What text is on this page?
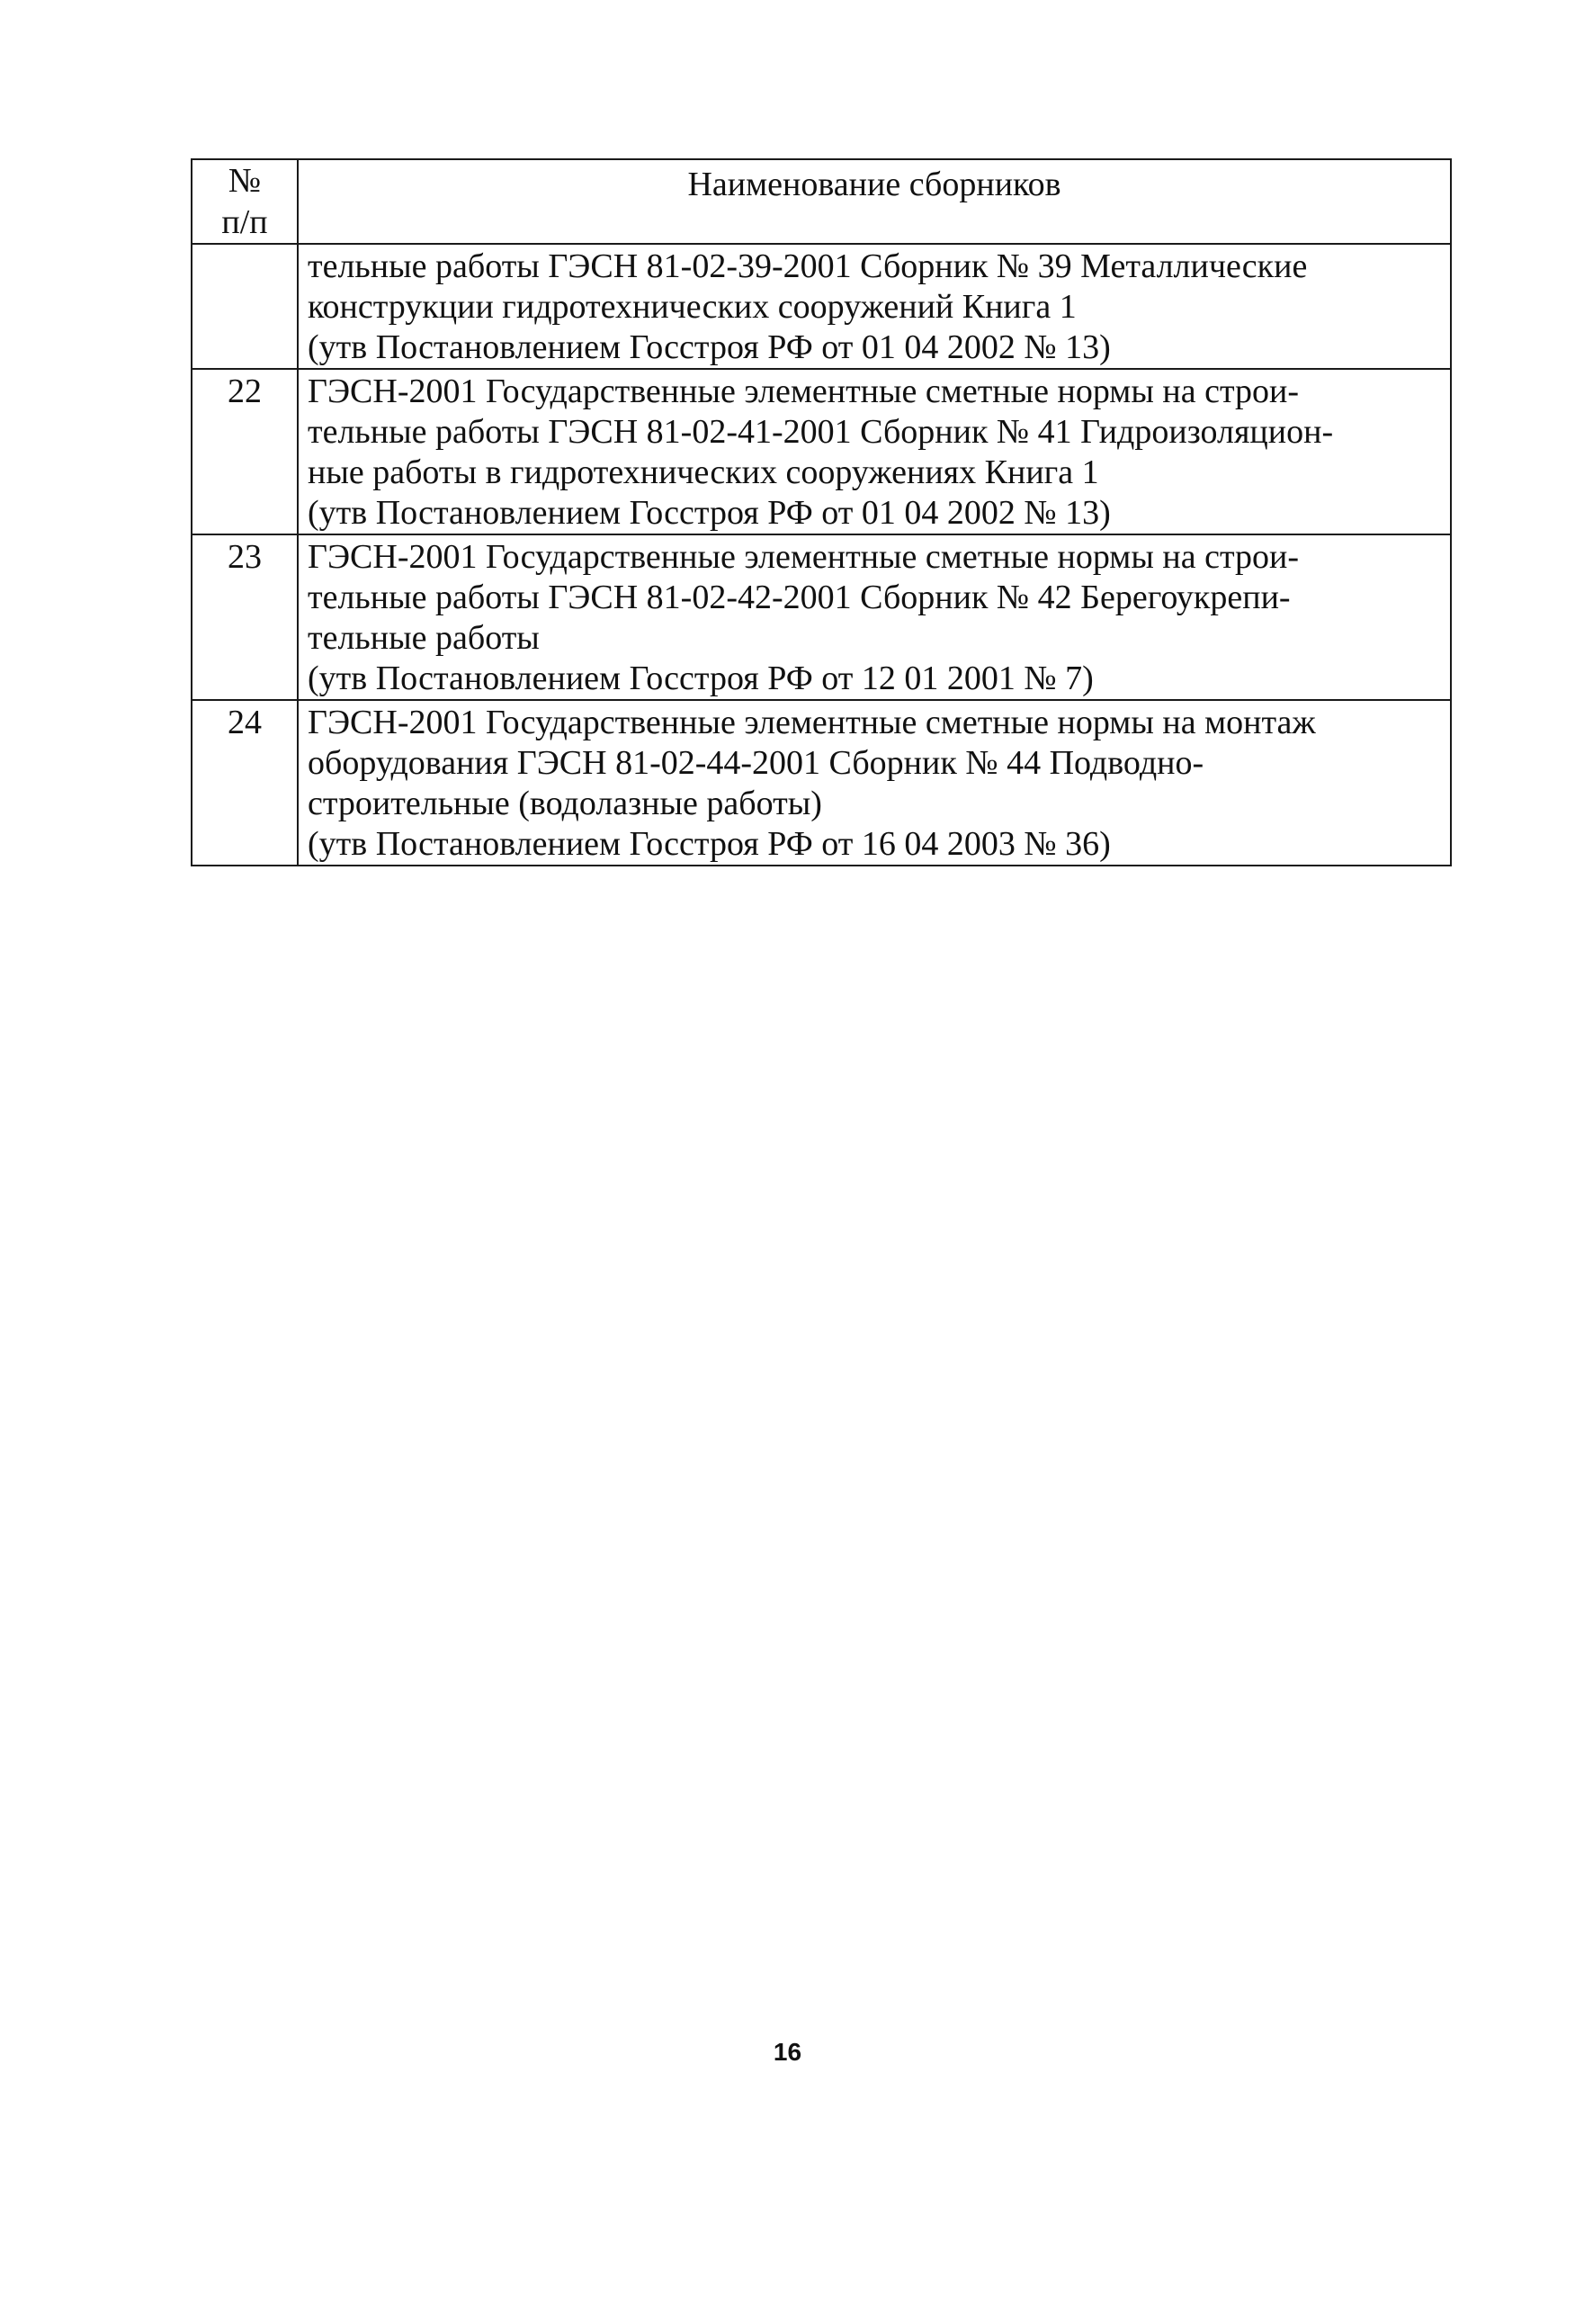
№
п/п	Наименование сборников

	тельные работы ГЭСН 81-02-39-2001 Сборник № 39 Металлические
конструкции гидротехнических сооружений Книга 1
(утв Постановлением Госстроя РФ от 01 04 2002 № 13)

22	ГЭСН-2001 Государственные элементные сметные нормы на строи-
тельные работы ГЭСН 81-02-41-2001 Сборник № 41 Гидроизоляцион-
ные работы в гидротехнических сооружениях Книга 1
(утв Постановлением Госстроя РФ от 01 04 2002 № 13)

23	ГЭСН-2001 Государственные элементные сметные нормы на строи-
тельные работы ГЭСН 81-02-42-2001 Сборник № 42 Берегоукрепи-
тельные работы
(утв Постановлением Госстроя РФ от 12 01 2001 № 7)

24	ГЭСН-2001 Государственные элементные сметные нормы на монтаж
оборудования ГЭСН 81-02-44-2001 Сборник № 44 Подводно-
строительные (водолазные работы)
(утв Постановлением Госстроя РФ от 16 04 2003 № 36)
16
